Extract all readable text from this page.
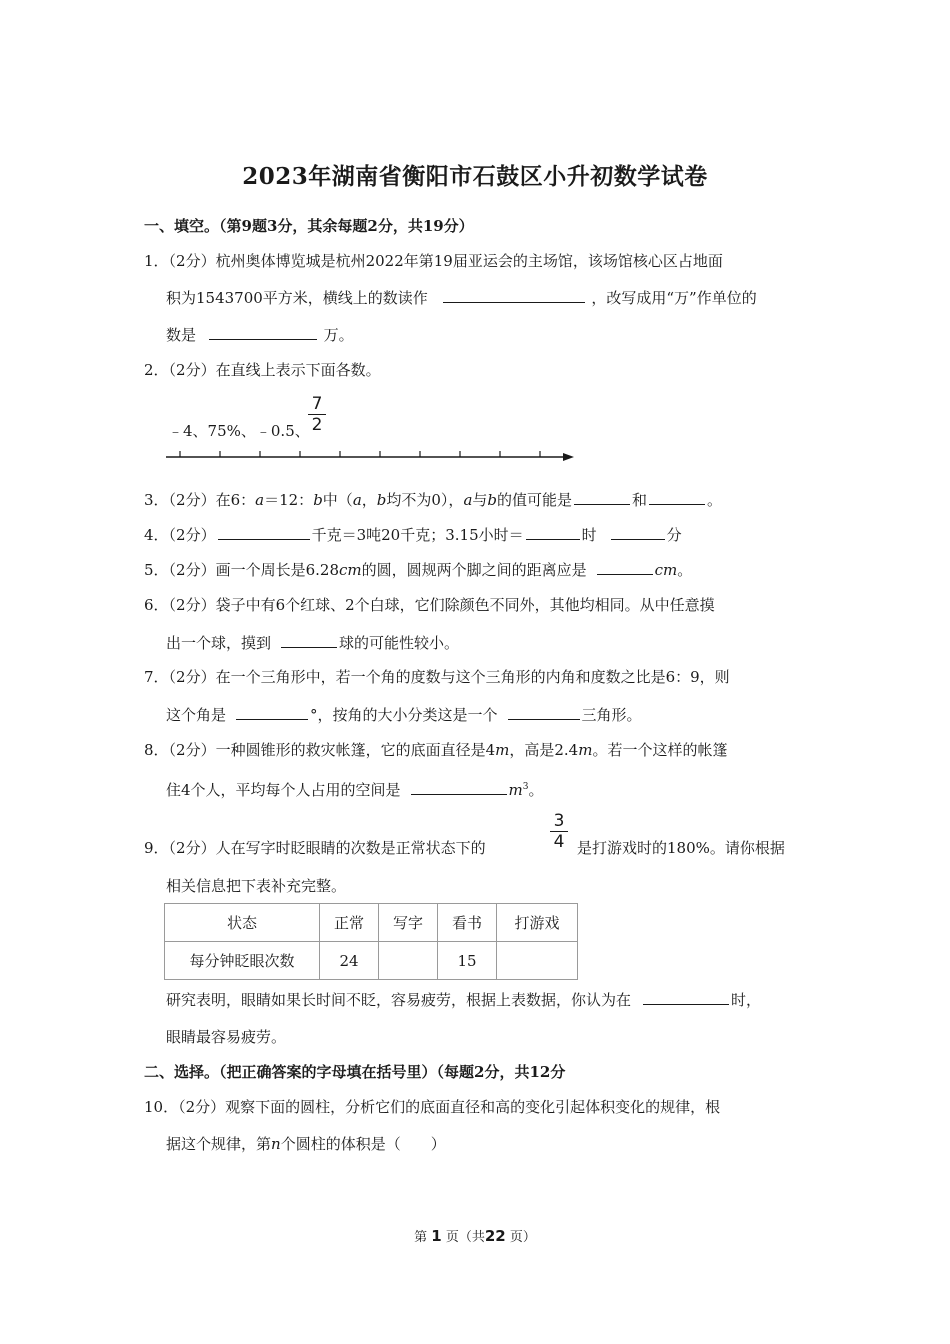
2023年湖南省衡阳市石鼓区小升初数学试卷
一、填空。（第9题3分，其余每题2分，共19分）
1．（2分）杭州奥体博览城是杭州2022年第19届亚运会的主场馆，该场馆核心区占地面
积为1543700平方米，横线上的数读作	，改写成用“万”作单位的
数是	万。
2．（2分）在直线上表示下面各数。
﹣4、75%、﹣0.5、
7
2
3．（2分）在6：a＝12：b中（a，b均不为0），a与b的值可能是	和	。
4．（2分）	千克＝3吨20千克；3.15小时＝	时	分
5．（2分）画一个周长是6.28cm的圆，圆规两个脚之间的距离应是	cm。
6．（2分）袋子中有6个红球、2个白球，它们除颜色不同外，其他均相同。从中任意摸
出一个球，摸到	球的可能性较小。
7．（2分）在一个三角形中，若一个角的度数与这个三角形的内角和度数之比是6：9，则
这个角是	°，按角的大小分类这是一个	三角形。
8．（2分）一种圆锥形的救灾帐篷，它的底面直径是4m，高是2.4m。若一个这样的帐篷
住4个人，平均每个人占用的空间是	$m^3$。
9．（2分）人在写字时眨眼睛的次数是正常状态下的
3
4 是打游戏时的180%。请你根据
相关信息把下表补充完整。
状态	正常	写字	看书	打游戏
每分钟眨眼次数	24		15	
研究表明，眼睛如果长时间不眨，容易疲劳，根据上表数据，你认为在	时，
眼睛最容易疲劳。
二、选择。（把正确答案的字母填在括号里）（每题2分，共12分
10．（2分）观察下面的圆柱，分析它们的底面直径和高的变化引起体积变化的规律，根
据这个规律，第n个圆柱的体积是（　　）
第 1 页（共22 页）
